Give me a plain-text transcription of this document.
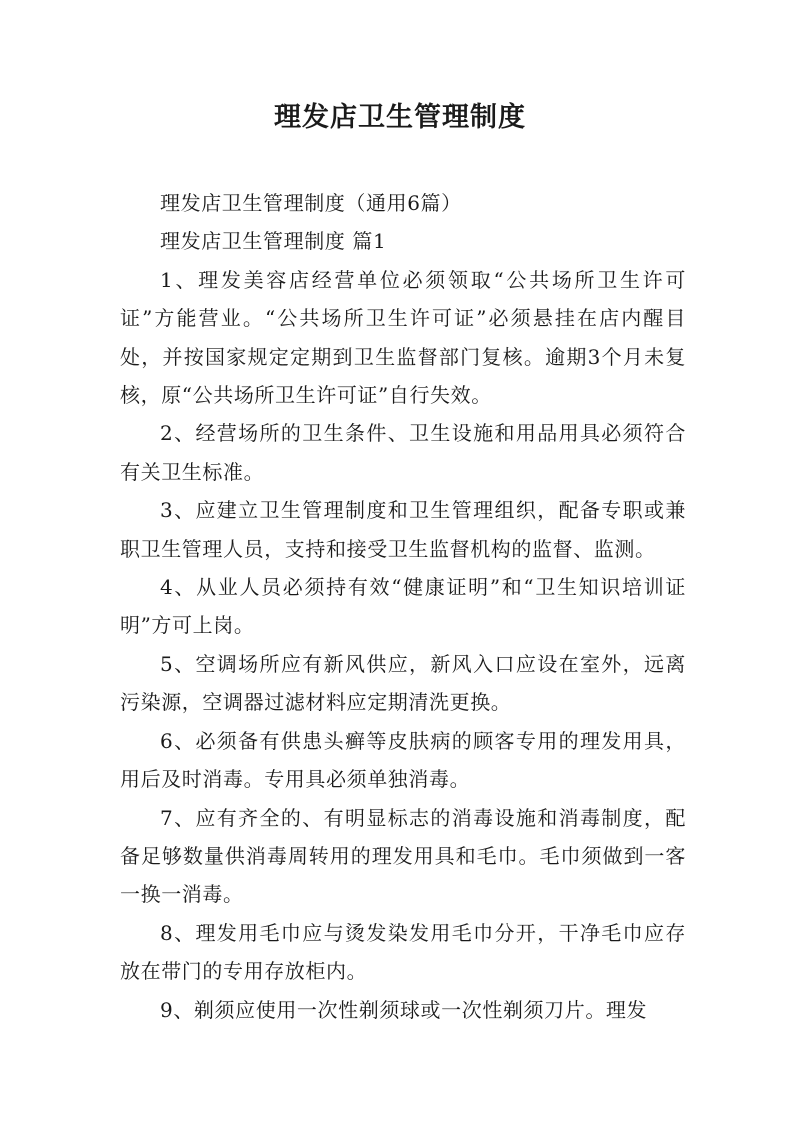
理发店卫生管理制度

理发店卫生管理制度（通用6篇）

理发店卫生管理制度 篇1

1、理发美容店经营单位必须领取“公共场所卫生许可证”方能营业。“公共场所卫生许可证”必须悬挂在店内醒目处，并按国家规定定期到卫生监督部门复核。逾期3个月未复核，原“公共场所卫生许可证”自行失效。

2、经营场所的卫生条件、卫生设施和用品用具必须符合有关卫生标准。

3、应建立卫生管理制度和卫生管理组织，配备专职或兼职卫生管理人员，支持和接受卫生监督机构的监督、监测。

4、从业人员必须持有效“健康证明”和“卫生知识培训证明”方可上岗。

5、空调场所应有新风供应，新风入口应设在室外，远离污染源，空调器过滤材料应定期清洗更换。

6、必须备有供患头癣等皮肤病的顾客专用的理发用具，用后及时消毒。专用具必须单独消毒。

7、应有齐全的、有明显标志的消毒设施和消毒制度，配备足够数量供消毒周转用的理发用具和毛巾。毛巾须做到一客一换一消毒。

8、理发用毛巾应与烫发染发用毛巾分开，干净毛巾应存放在带门的专用存放柜内。

9、剃须应使用一次性剃须球或一次性剃须刀片。理发
